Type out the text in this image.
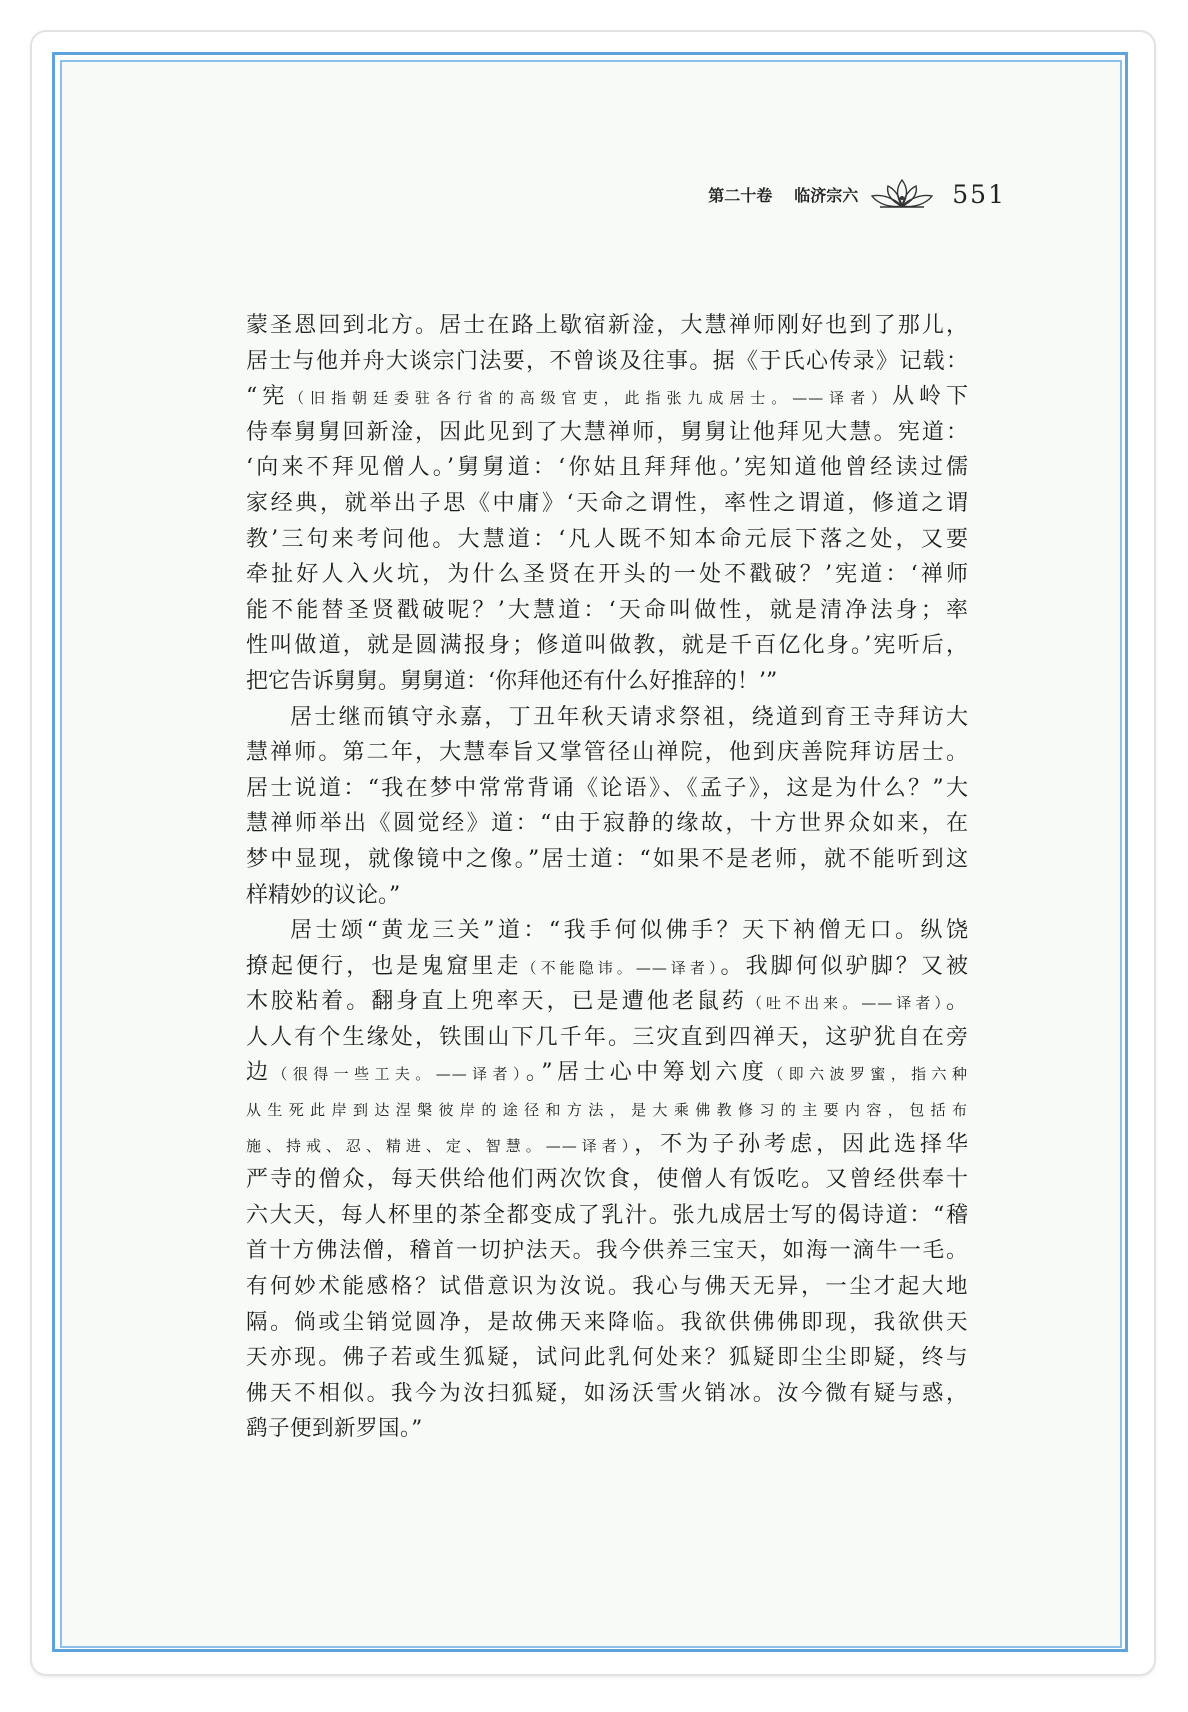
第二十卷 临济宗六	551
蒙圣恩回到北方。居士在路上歇宿新淦，大慧禅师刚好也到了那儿，
居士与他并舟大谈宗门法要，不曾谈及往事。据《于氏心传录》记载：
“宪（旧指朝廷委驻各行省的高级官吏，此指张九成居士。——译者）从岭下
侍奉舅舅回新淦，因此见到了大慧禅师，舅舅让他拜见大慧。宪道：
‘向来不拜见僧人。’舅舅道：‘你姑且拜拜他。’宪知道他曾经读过儒
家经典，就举出子思《中庸》‘天命之谓性，率性之谓道，修道之谓
教’三句来考问他。大慧道：‘凡人既不知本命元辰下落之处，又要
牵扯好人入火坑，为什么圣贤在开头的一处不戳破？’宪道：‘禅师
能不能替圣贤戳破呢？’大慧道：‘天命叫做性，就是清净法身；率
性叫做道，就是圆满报身；修道叫做教，就是千百亿化身。’宪听后，
把它告诉舅舅。舅舅道：‘你拜他还有什么好推辞的！’”
居士继而镇守永嘉，丁丑年秋天请求祭祖，绕道到育王寺拜访大
慧禅师。第二年，大慧奉旨又掌管径山禅院，他到庆善院拜访居士。
居士说道：“我在梦中常常背诵《论语》、《孟子》，这是为什么？”大
慧禅师举出《圆觉经》道：“由于寂静的缘故，十方世界众如来，在
梦中显现，就像镜中之像。”居士道：“如果不是老师，就不能听到这
样精妙的议论。”
居士颂“黄龙三关”道：“我手何似佛手？天下衲僧无口。纵饶
撩起便行，也是鬼窟里走（不能隐讳。——译者）。我脚何似驴脚？又被
木胶粘着。翻身直上兜率天，已是遭他老鼠药（吐不出来。——译者）。
人人有个生缘处，铁围山下几千年。三灾直到四禅天，这驴犹自在旁
边（很得一些工夫。——译者）。”居士心中筹划六度（即六波罗蜜，指六种
从生死此岸到达涅槃彼岸的途径和方法，是大乘佛教修习的主要内容，包括布
施、持戒、忍、精进、定、智慧。——译者），不为子孙考虑，因此选择华
严寺的僧众，每天供给他们两次饮食，使僧人有饭吃。又曾经供奉十
六大天，每人杯里的茶全都变成了乳汁。张九成居士写的偈诗道：“稽
首十方佛法僧，稽首一切护法天。我今供养三宝天，如海一滴牛一毛。
有何妙术能感格？试借意识为汝说。我心与佛天无异，一尘才起大地
隔。倘或尘销觉圆净，是故佛天来降临。我欲供佛佛即现，我欲供天
天亦现。佛子若或生狐疑，试问此乳何处来？狐疑即尘尘即疑，终与
佛天不相似。我今为汝扫狐疑，如汤沃雪火销冰。汝今微有疑与惑，
鹞子便到新罗国。”
